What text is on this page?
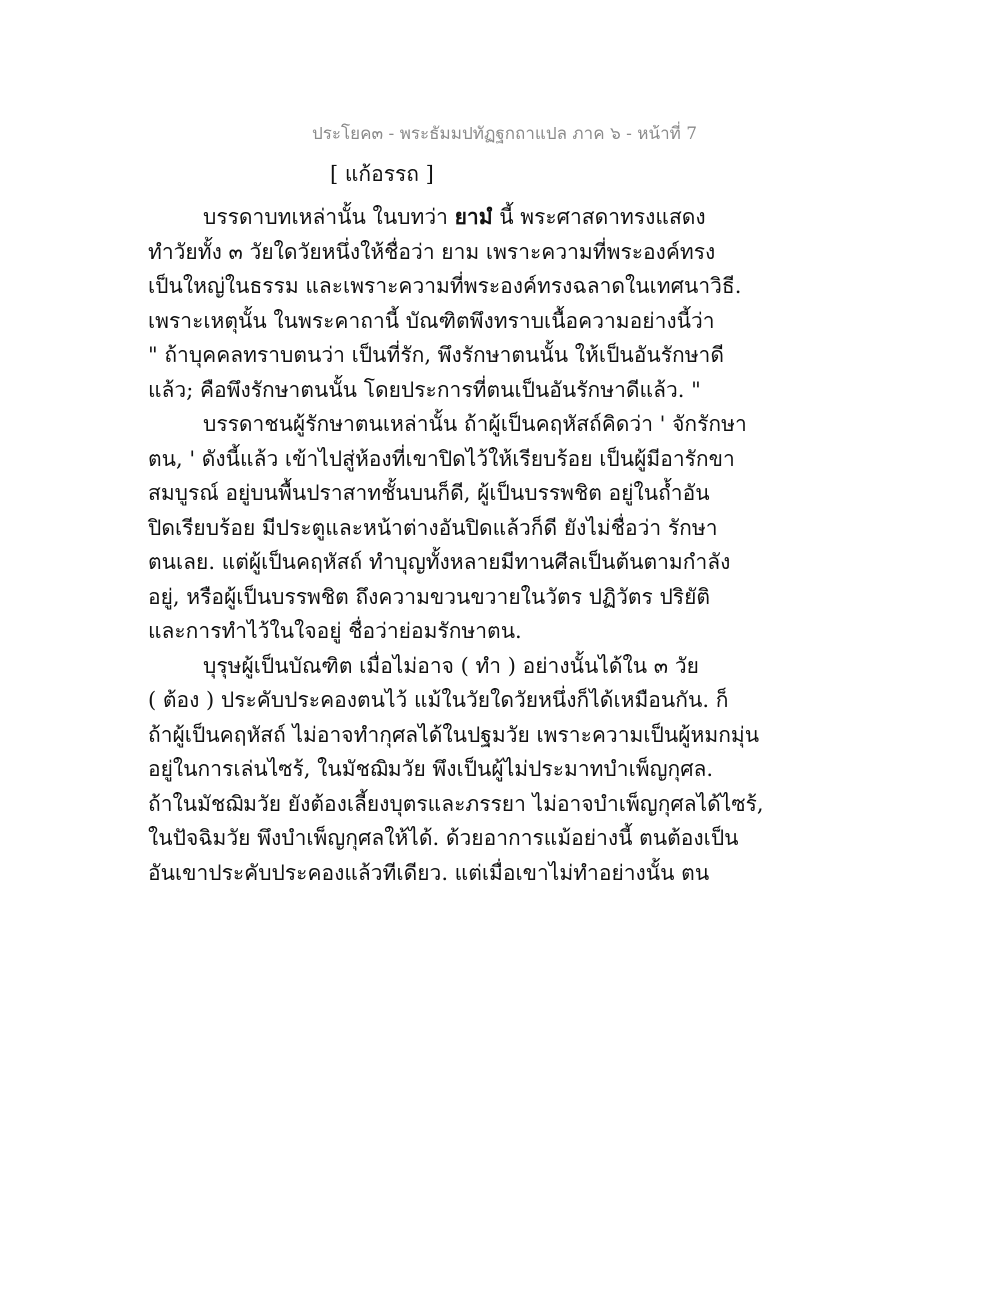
ประโยค๓ - พระธัมมปทัฏฐกถาแปล ภาค ๖ - หน้าที่ 7
[ แก้อรรถ ]
บรรดาบทเหล่านั้น ในบทว่า ยามํ นี้ พระศาสดาทรงแสดง
ทำวัยทั้ง ๓ วัยใดวัยหนึ่งให้ชื่อว่า ยาม เพราะความที่พระองค์ทรง
เป็นใหญ่ในธรรม และเพราะความที่พระองค์ทรงฉลาดในเทศนาวิธี.
เพราะเหตุนั้น ในพระคาถานี้ บัณฑิตพึงทราบเนื้อความอย่างนี้ว่า
" ถ้าบุคคลทราบตนว่า เป็นที่รัก, พึงรักษาตนนั้น ให้เป็นอันรักษาดี
แล้ว; คือพึงรักษาตนนั้น โดยประการที่ตนเป็นอันรักษาดีแล้ว. "
บรรดาชนผู้รักษาตนเหล่านั้น ถ้าผู้เป็นคฤหัสถ์คิดว่า ' จักรักษา
ตน, ' ดังนี้แล้ว เข้าไปสู่ห้องที่เขาปิดไว้ให้เรียบร้อย เป็นผู้มีอารักขา
สมบูรณ์ อยู่บนพื้นปราสาทชั้นบนก็ดี, ผู้เป็นบรรพชิต อยู่ในถ้ำอัน
ปิดเรียบร้อย มีประตูและหน้าต่างอันปิดแล้วก็ดี ยังไม่ชื่อว่า รักษา
ตนเลย. แต่ผู้เป็นคฤหัสถ์ ทำบุญทั้งหลายมีทานศีลเป็นต้นตามกำลัง
อยู่, หรือผู้เป็นบรรพชิต ถึงความขวนขวายในวัตร ปฏิวัตร ปริยัติ
และการทำไว้ในใจอยู่ ชื่อว่าย่อมรักษาตน.
บุรุษผู้เป็นบัณฑิต เมื่อไม่อาจ ( ทำ ) อย่างนั้นได้ใน ๓ วัย
( ต้อง ) ประคับประคองตนไว้ แม้ในวัยใดวัยหนึ่งก็ได้เหมือนกัน. ก็
ถ้าผู้เป็นคฤหัสถ์ ไม่อาจทำกุศลได้ในปฐมวัย เพราะความเป็นผู้หมกมุ่น
อยู่ในการเล่นไซร้, ในมัชฌิมวัย พึงเป็นผู้ไม่ประมาทบำเพ็ญกุศล.
ถ้าในมัชฌิมวัย ยังต้องเลี้ยงบุตรและภรรยา ไม่อาจบำเพ็ญกุศลได้ไซร้,
ในปัจฉิมวัย พึงบำเพ็ญกุศลให้ได้. ด้วยอาการแม้อย่างนี้ ตนต้องเป็น
อันเขาประคับประคองแล้วทีเดียว. แต่เมื่อเขาไม่ทำอย่างนั้น ตน
